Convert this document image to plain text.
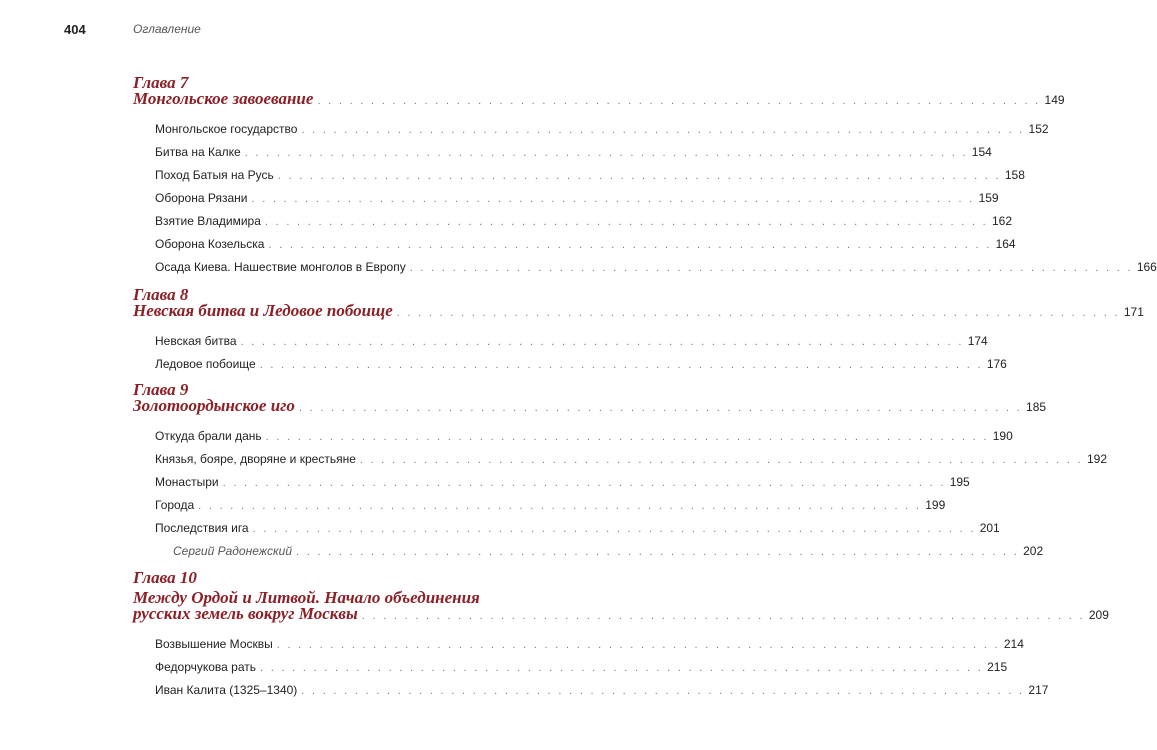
404	Оглавление
Глава 7
Монгольское завоевание . . . . . . . . . . . . . . . . . . . . . . . . . . . . . . . . . . . . . . . . . . . . . . . . . . . . . . . . . . . . . . . . . . . . 149
Монгольское государство . . . . . . . . . . . . . . . . . . . . . . . . . . . . . . . . . . . . . . . . . . . . . . . . . . . . . . . . . . . . . . . . . . . . 152
Битва на Калке . . . . . . . . . . . . . . . . . . . . . . . . . . . . . . . . . . . . . . . . . . . . . . . . . . . . . . . . . . . . . . . . . . . . 154
Поход Батыя на Русь . . . . . . . . . . . . . . . . . . . . . . . . . . . . . . . . . . . . . . . . . . . . . . . . . . . . . . . . . . . . . . . . . . . . 158
Оборона Рязани . . . . . . . . . . . . . . . . . . . . . . . . . . . . . . . . . . . . . . . . . . . . . . . . . . . . . . . . . . . . . . . . . . . . 159
Взятие Владимира . . . . . . . . . . . . . . . . . . . . . . . . . . . . . . . . . . . . . . . . . . . . . . . . . . . . . . . . . . . . . . . . . . . . 162
Оборона Козельска . . . . . . . . . . . . . . . . . . . . . . . . . . . . . . . . . . . . . . . . . . . . . . . . . . . . . . . . . . . . . . . . . . . . 164
Осада Киева. Нашествие монголов в Европу . . . . . . . . . . . . . . . . . . . . . . . . . . . . . . . . . . . . . . . . . . . . . . . . . . . . . . . . . . . . . . . . . . . . 166
Глава 8
Невская битва и Ледовое побоище . . . . . . . . . . . . . . . . . . . . . . . . . . . . . . . . . . . . . . . . . . . . . . . . . . . . . . . . . . . . . . . . . . . . 171
Невская битва . . . . . . . . . . . . . . . . . . . . . . . . . . . . . . . . . . . . . . . . . . . . . . . . . . . . . . . . . . . . . . . . . . . . 174
Ледовое побоище . . . . . . . . . . . . . . . . . . . . . . . . . . . . . . . . . . . . . . . . . . . . . . . . . . . . . . . . . . . . . . . . . . . . 176
Глава 9
Золотоордынское иго . . . . . . . . . . . . . . . . . . . . . . . . . . . . . . . . . . . . . . . . . . . . . . . . . . . . . . . . . . . . . . . . . . . . 185
Откуда брали дань . . . . . . . . . . . . . . . . . . . . . . . . . . . . . . . . . . . . . . . . . . . . . . . . . . . . . . . . . . . . . . . . . . . . 190
Князья, бояре, дворяне и крестьяне . . . . . . . . . . . . . . . . . . . . . . . . . . . . . . . . . . . . . . . . . . . . . . . . . . . . . . . . . . . . . . . . . . . . 192
Монастыри . . . . . . . . . . . . . . . . . . . . . . . . . . . . . . . . . . . . . . . . . . . . . . . . . . . . . . . . . . . . . . . . . . . . 195
Города . . . . . . . . . . . . . . . . . . . . . . . . . . . . . . . . . . . . . . . . . . . . . . . . . . . . . . . . . . . . . . . . . . . . 199
Последствия ига . . . . . . . . . . . . . . . . . . . . . . . . . . . . . . . . . . . . . . . . . . . . . . . . . . . . . . . . . . . . . . . . . . . . 201
Сергий Радонежский . . . . . . . . . . . . . . . . . . . . . . . . . . . . . . . . . . . . . . . . . . . . . . . . . . . . . . . . . . . . . . . . . . . . 202
Глава 10
Между Ордой и Литвой. Начало объединения
русских земель вокруг Москвы . . . . . . . . . . . . . . . . . . . . . . . . . . . . . . . . . . . . . . . . . . . . . . . . . . . . . . . . . . . . . . . . . . . . 209
Возвышение Москвы . . . . . . . . . . . . . . . . . . . . . . . . . . . . . . . . . . . . . . . . . . . . . . . . . . . . . . . . . . . . . . . . . . . . 214
Федорчукова рать . . . . . . . . . . . . . . . . . . . . . . . . . . . . . . . . . . . . . . . . . . . . . . . . . . . . . . . . . . . . . . . . . . . . 215
Иван Калита (1325–1340) . . . . . . . . . . . . . . . . . . . . . . . . . . . . . . . . . . . . . . . . . . . . . . . . . . . . . . . . . . . . . . . . . . . . 217
